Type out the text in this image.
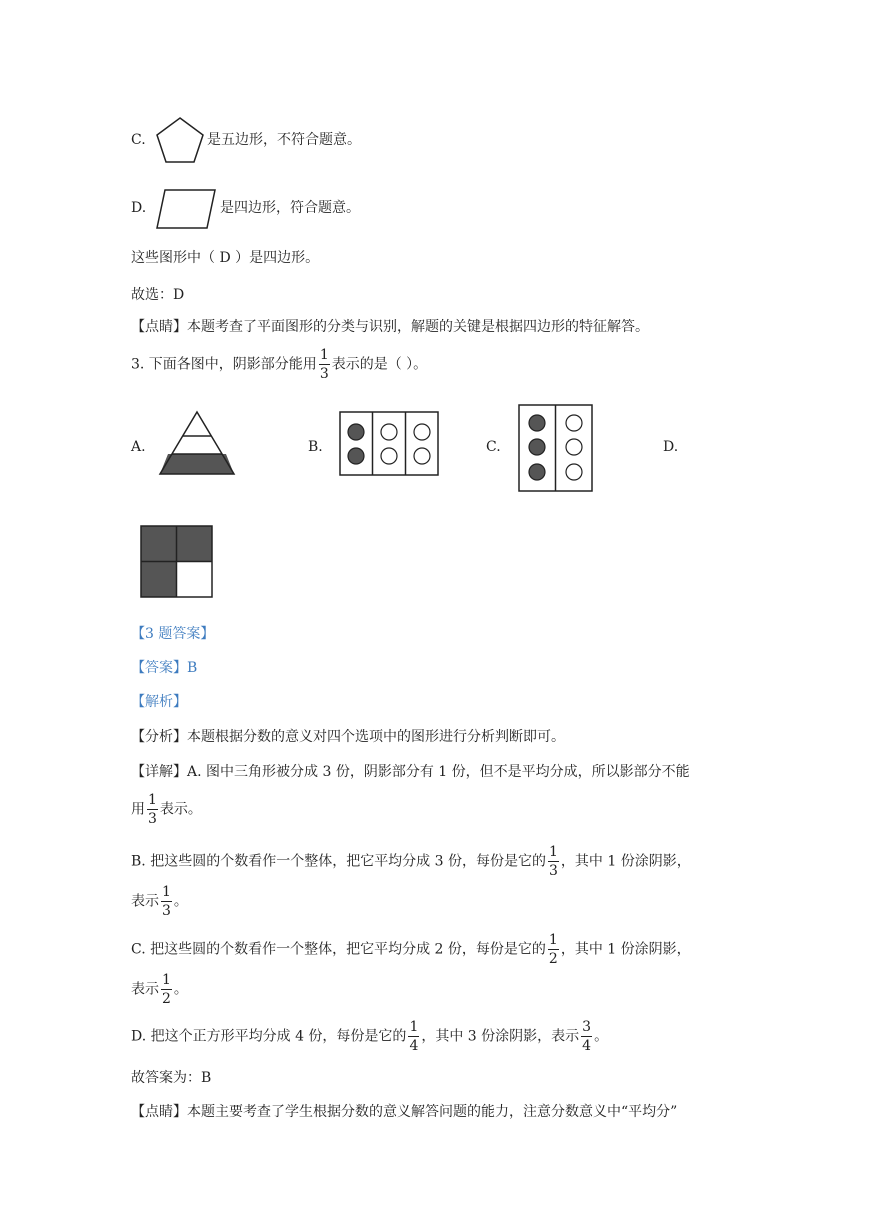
C.	是五边形，不符合题意。
D.	是四边形，符合题意。
这些图形中（ D ）是四边形。
故选：D
【点睛】本题考查了平面图形的分类与识别，解题的关键是根据四边形的特征解答。
3. 下面各图中，阴影部分能用 $\frac{1}{3}$ 表示的是（ ）。
A.	B.	C.	D.
【3 题答案】
【答案】B
【解析】
【分析】本题根据分数的意义对四个选项中的图形进行分析判断即可。
【详解】A. 图中三角形被分成 3 份，阴影部分有 1 份，但不是平均分成，所以影部分不能
用 $\frac{1}{3}$ 表示。
B. 把这些圆的个数看作一个整体，把它平均分成 3 份，每份是它的 $\frac{1}{3}$ ，其中 1 份涂阴影，
表示 $\frac{1}{3}$ 。
C. 把这些圆的个数看作一个整体，把它平均分成 2 份，每份是它的 $\frac{1}{2}$ ，其中 1 份涂阴影，
表示 $\frac{1}{2}$ 。
D. 把这个正方形平均分成 4 份，每份是它的 $\frac{1}{4}$ ，其中 3 份涂阴影，表示 $\frac{3}{4}$ 。
故答案为：B
【点睛】本题主要考查了学生根据分数的意义解答问题的能力，注意分数意义中“平均分”
